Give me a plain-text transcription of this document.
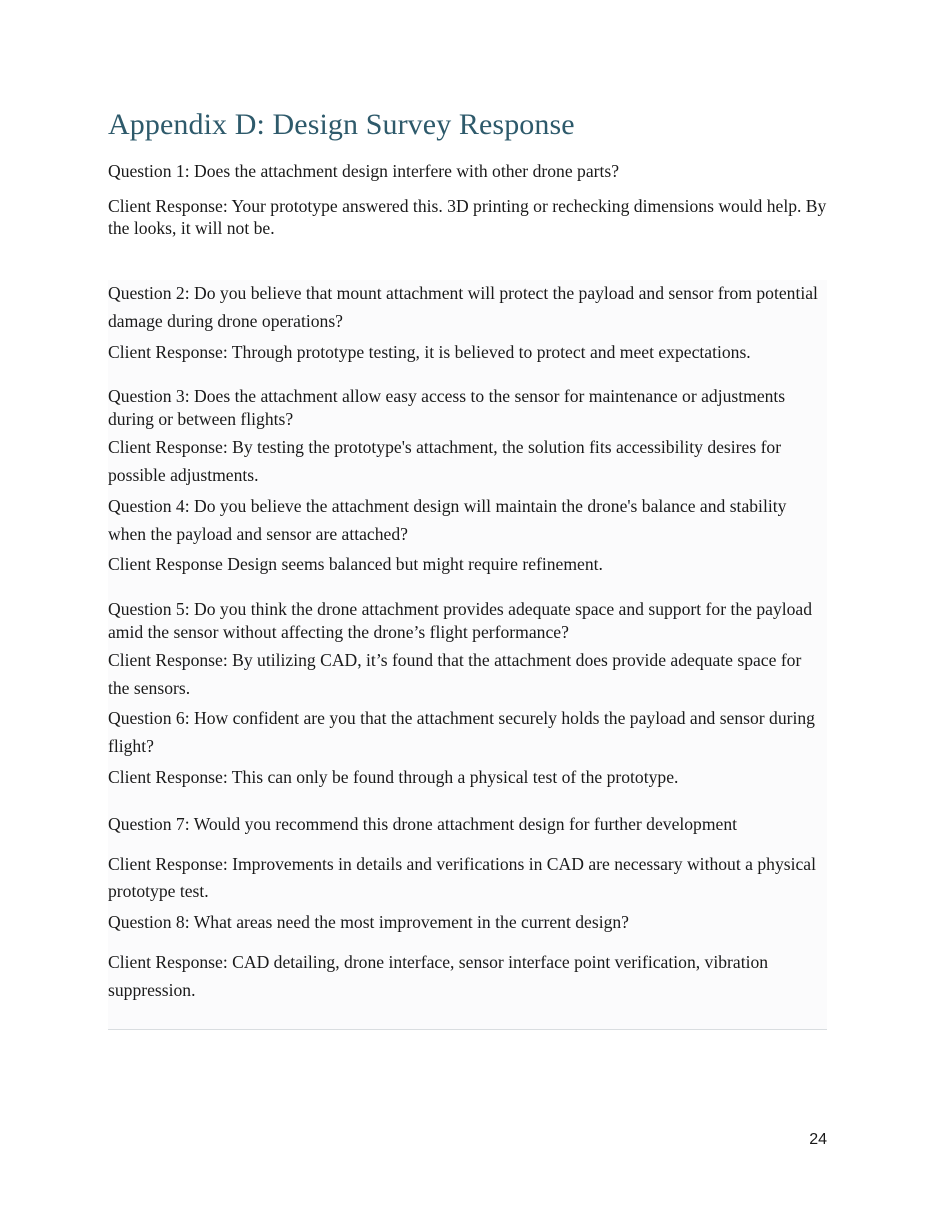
Appendix D: Design Survey Response

Question 1: Does the attachment design interfere with other drone parts?

Client Response: Your prototype answered this. 3D printing or rechecking dimensions would help. By the looks, it will not be.

Question 2: Do you believe that mount attachment will protect the payload and sensor from potential damage during drone operations?

Client Response: Through prototype testing, it is believed to protect and meet expectations.

Question 3: Does the attachment allow easy access to the sensor for maintenance or adjustments during or between flights?

Client Response: By testing the prototype's attachment, the solution fits accessibility desires for possible adjustments.

Question 4: Do you believe the attachment design will maintain the drone's balance and stability when the payload and sensor are attached?

Client Response Design seems balanced but might require refinement.

Question 5: Do you think the drone attachment provides adequate space and support for the payload amid the sensor without affecting the drone’s flight performance?

Client Response: By utilizing CAD, it’s found that the attachment does provide adequate space for the sensors.

Question 6: How confident are you that the attachment securely holds the payload and sensor during flight?

Client Response: This can only be found through a physical test of the prototype.

Question 7: Would you recommend this drone attachment design for further development

Client Response: Improvements in details and verifications in CAD are necessary without a physical prototype test.

Question 8: What areas need the most improvement in the current design?

Client Response: CAD detailing, drone interface, sensor interface point verification, vibration suppression.

24
